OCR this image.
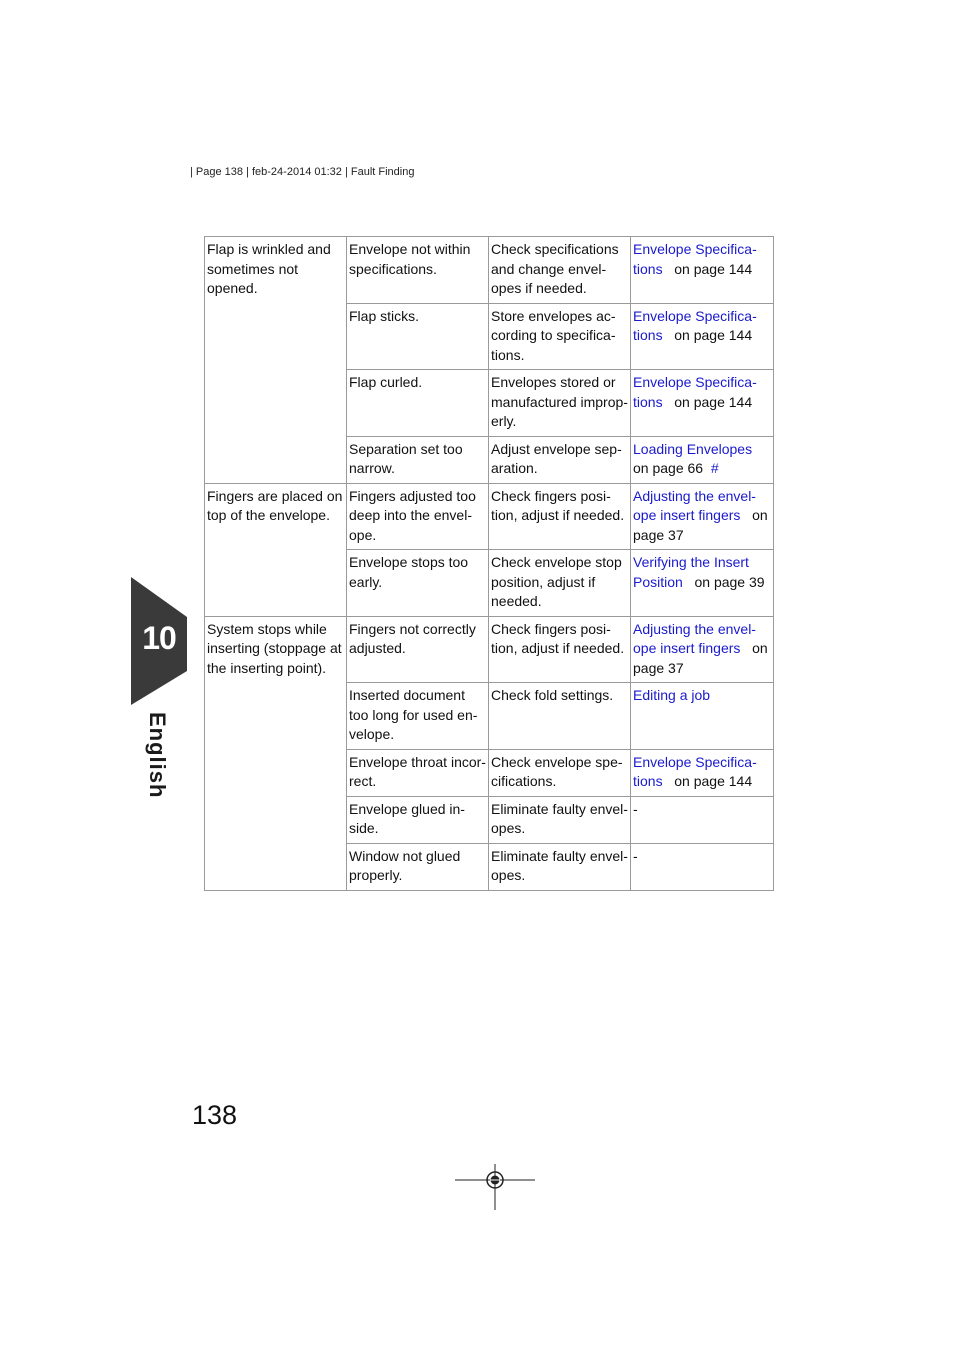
| Page 138 | feb-24-2014 01:32 | Fault Finding
10
English
Flap is wrinkled and sometimes not opened.	Envelope not within specifications.	Check specifications and change envel-opes if needed.	Envelope Specifica-tions on page 144
	Flap sticks.	Store envelopes ac-cording to specifica-tions.	Envelope Specifica-tions on page 144
	Flap curled.	Envelopes stored or manufactured improp-erly.	Envelope Specifica-tions on page 144
	Separation set too narrow.	Adjust envelope sep-aration.	Loading Envelopes   on page 66 #
Fingers are placed on top of the envelope.	Fingers adjusted too deep into the envel-ope.	Check fingers posi-tion, adjust if needed.	Adjusting the envel-ope insert fingers on page 37
	Envelope stops too early.	Check envelope stop position, adjust if needed.	Verifying the Insert Position on page 39
System stops while inserting (stoppage at the inserting point).	Fingers not correctly adjusted.	Check fingers posi-tion, adjust if needed.	Adjusting the envel-ope insert fingers on page 37
	Inserted document too long for used en-velope.	Check fold settings.	Editing a job
	Envelope throat incor-rect.	Check envelope spe-cifications.	Envelope Specifica-tions on page 144
	Envelope glued in-side.	Eliminate faulty envel-opes.	-
	Window not glued properly.	Eliminate faulty envel-opes.	-
138
